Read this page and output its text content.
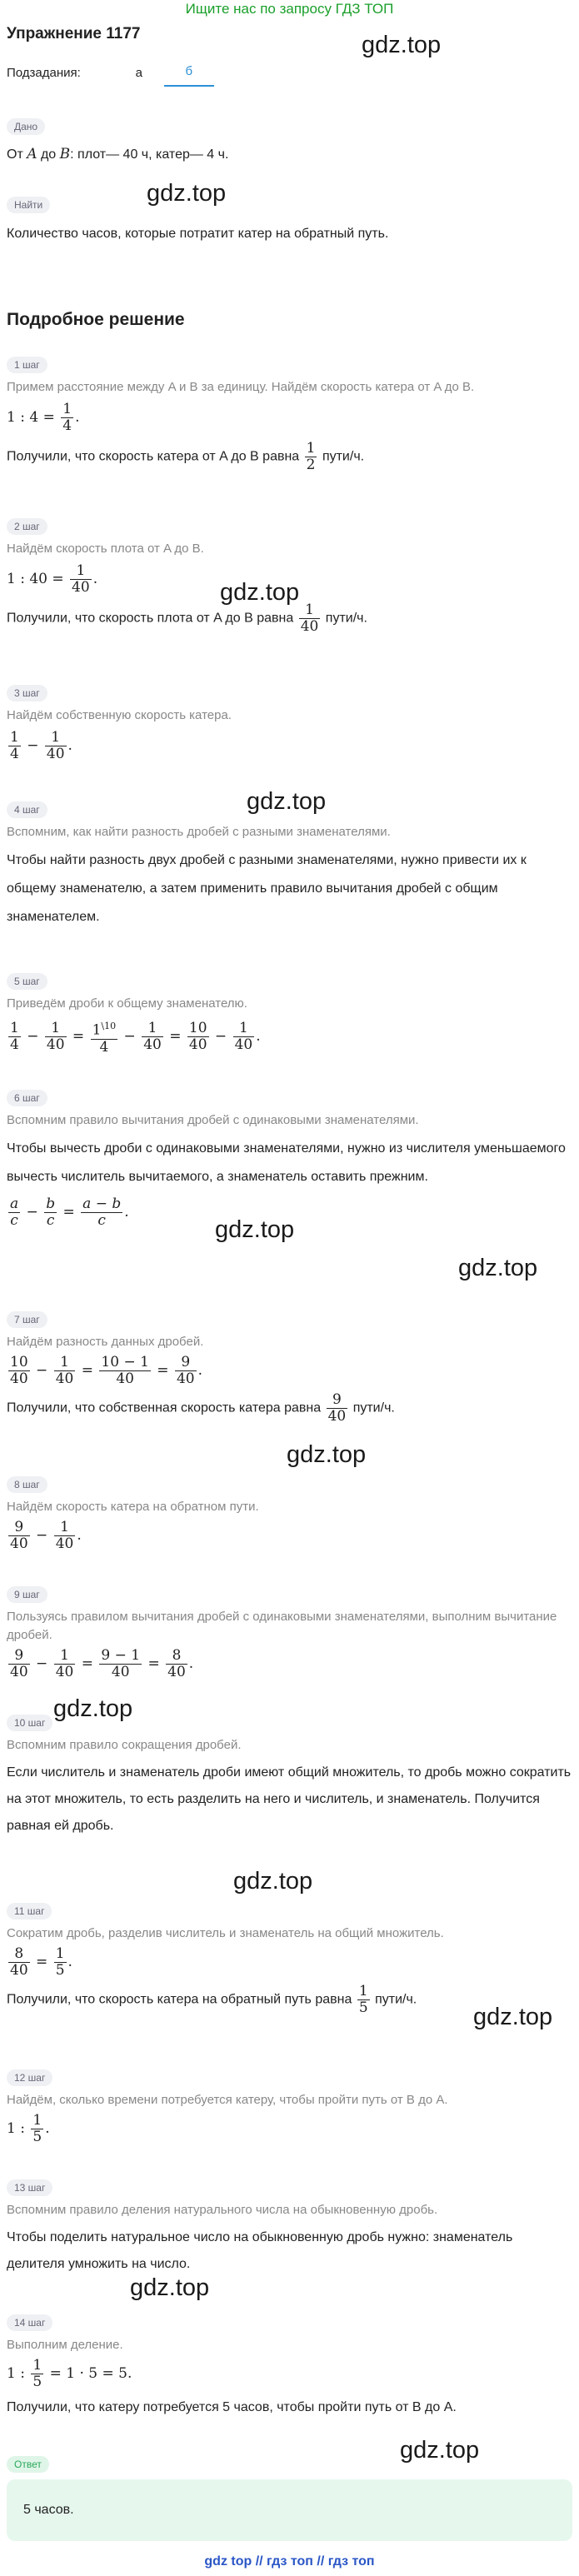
Ищите нас по запросу ГДЗ ТОП
gdz.top
gdz.top
gdz.top
gdz.top
gdz.top
gdz.top
gdz.top
gdz.top
gdz.top
gdz.top
gdz.top
gdz.top
Упражнение 1177
Подзадания:	а	б
Дано
От A до B: плот— 40 ч, катер— 4 ч.
Найти
Количество часов, которые потратит катер на обратный путь.
Подробное решение
1 шаг
Примем расстояние между A и B за единицу. Найдём скорость катера от A до B.
1 : $4 = \frac{1}{4}$ .
Получили, что скорость катера от A до B равна $\frac{1}{2}$ пути/ч.
2 шаг
Найдём скорость плота от A до B.
1 : $40 = \frac{1}{40}$ .
Получили, что скорость плота от A до B равна $\frac{1}{40}$ пути/ч.
3 шаг
Найдём собственную скорость катера.
$\frac{1}{4} - \frac{1}{40}$ .
4 шаг
Вспомним, как найти разность дробей с разными знаменателями.
Чтобы найти разность двух дробей с разными знаменателями, нужно привести их к общему знаменателю, а затем применить правило вычитания дробей с общим знаменателем.
5 шаг
Приведём дроби к общему знаменателю.
$\frac{1}{4} - \frac{1}{40} = \frac{1^{\backslash 10}}{4} - \frac{1}{40} = \frac{10}{40} - \frac{1}{40}$ .
6 шаг
Вспомним правило вычитания дробей с одинаковыми знаменателями.
Чтобы вычесть дроби с одинаковыми знаменателями, нужно из числителя уменьшаемого вычесть числитель вычитаемого, а знаменатель оставить прежним.
$\frac{a}{c} - \frac{b}{c} = \frac{a - b}{c}$ .
7 шаг
Найдём разность данных дробей.
$\frac{10}{40} - \frac{1}{40} = \frac{10 - 1}{40} = \frac{9}{40}$ .
Получили, что собственная скорость катера равна $\frac{9}{40}$ пути/ч.
8 шаг
Найдём скорость катера на обратном пути.
$\frac{9}{40} - \frac{1}{40}$ .
9 шаг
Пользуясь правилом вычитания дробей с одинаковыми знаменателями, выполним вычитание дробей.
$\frac{9}{40} - \frac{1}{40} = \frac{9 - 1}{40} = \frac{8}{40}$ .
10 шаг
Вспомним правило сокращения дробей.
Если числитель и знаменатель дроби имеют общий множитель, то дробь можно сократить на этот множитель, то есть разделить на него и числитель, и знаменатель. Получится равная ей дробь.
11 шаг
Сократим дробь, разделив числитель и знаменатель на общий множитель.
$\frac{8}{40} = \frac{1}{5}$ .
Получили, что скорость катера на обратный путь равна $\frac{1}{5}$ пути/ч.
12 шаг
Найдём, сколько времени потребуется катеру, чтобы пройти путь от B до A.
1 : $\frac{1}{5}$ .
13 шаг
Вспомним правило деления натурального числа на обыкновенную дробь.
Чтобы поделить натуральное число на обыкновенную дробь нужно: знаменатель делителя умножить на число.
14 шаг
Выполним деление.
1 : $\frac{1}{5} = 1 \cdot 5 = 5$.
Получили, что катеру потребуется 5 часов, чтобы пройти путь от B до A.
Ответ
5 часов.
gdz top // гдз топ // гдз топ
